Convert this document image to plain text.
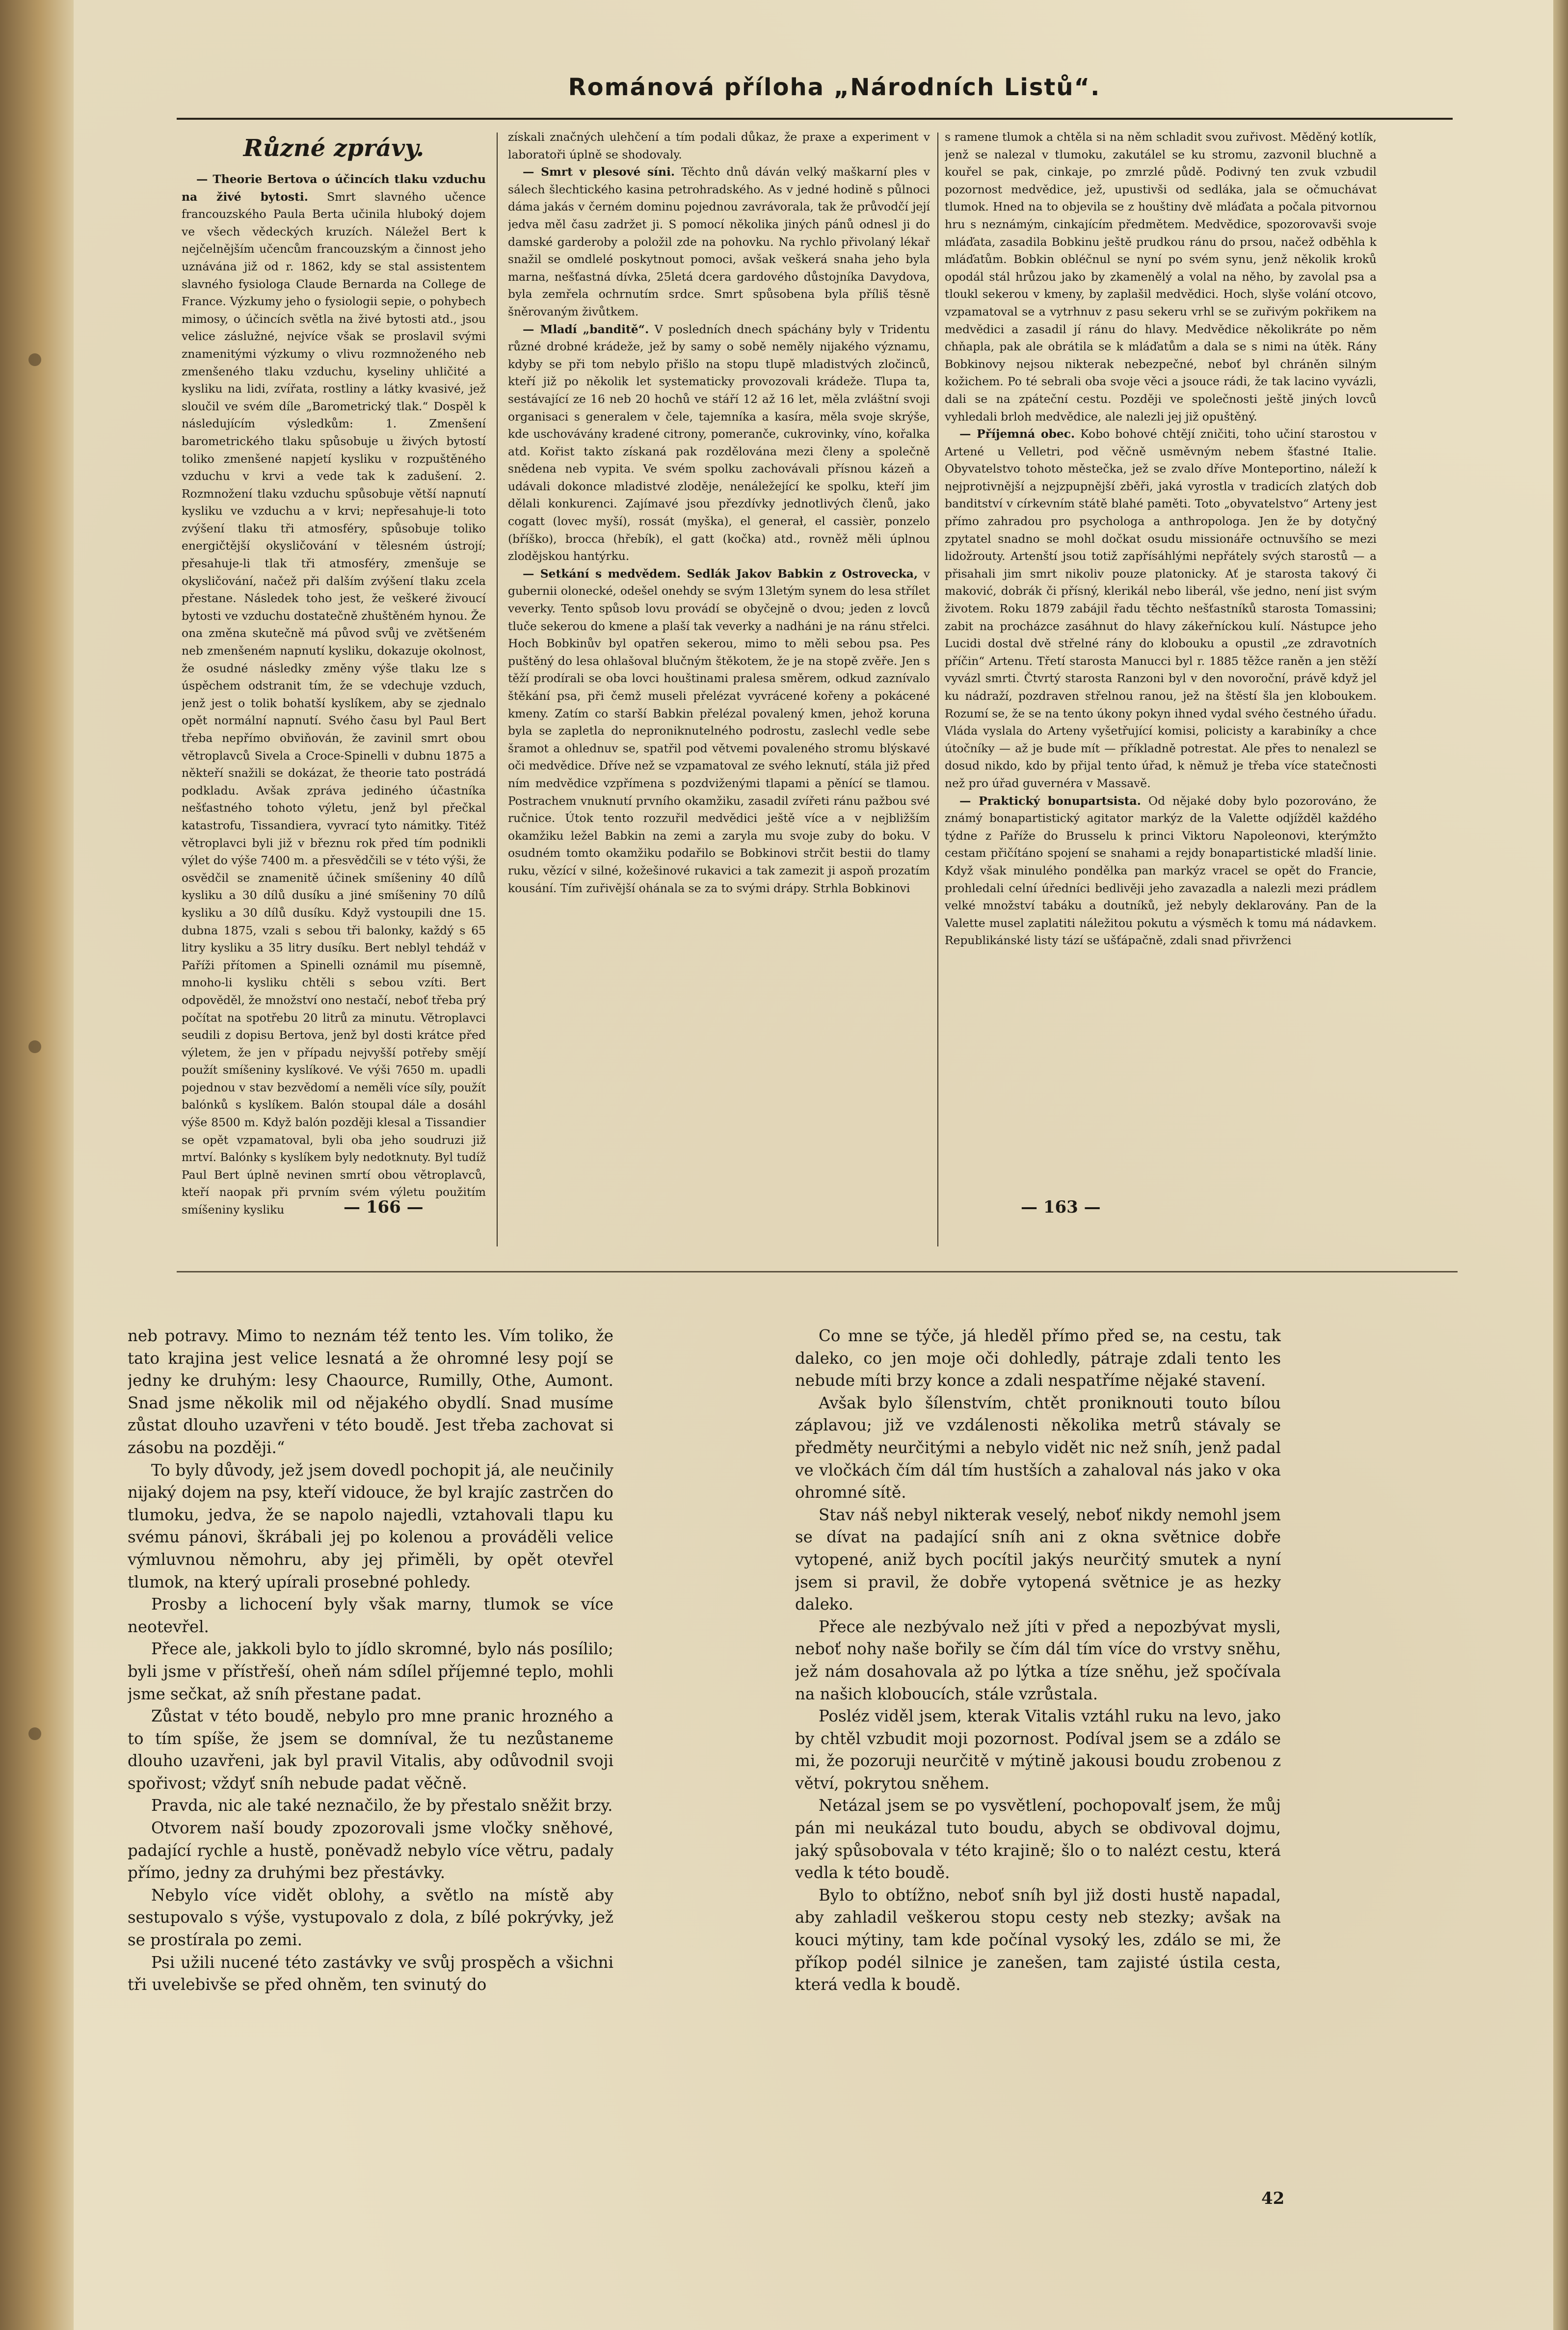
Románová příloha „Národních Listů“.
Různé zprávy.

— Theorie Bertova o účincích tlaku vzduchu na živé bytosti. Smrt slavného učence francouzského Paula Berta učinila hluboký dojem ve všech vědeckých kruzích. Náležel Bert k nejčelnějším učencům francouzským a činnost jeho uznávána již od r. 1862, kdy se stal assistentem slavného fysiologa Claude Bernarda na College de France. Výzkumy jeho o fysiologii sepie, o pohybech mimosy, o účincích světla na živé bytosti atd., jsou velice záslužné, nejvíce však se proslavil svými znamenitými výzkumy o vlivu rozmnoženého neb zmenšeného tlaku vzduchu, kyseliny uhličité a kysliku na lidi, zvířata, rostliny a látky kvasivé, jež sloučil ve svém díle „Barometrický tlak.“ Dospěl k následujícím výsledkům: 1. Zmenšení barometrického tlaku spůsobuje u živých bytostí toliko zmenšené napjetí kysliku v rozpuštěného vzduchu v krvi a vede tak k zadušení. 2. Rozmnožení tlaku vzduchu spůsobuje větší napnutí kysliku ve vzduchu a v krvi; nepřesahuje-li toto zvýšení tlaku tři atmosféry, spůsobuje toliko energičtější okysličování v tělesném ústrojí; přesahuje-li tlak tři atmosféry, zmenšuje se okysličování, načež při dalším zvýšení tlaku zcela přestane. Následek toho jest, že veškeré živoucí bytosti ve vzduchu dostatečně zhuštěném hynou. Že ona změna skutečně má původ svůj ve zvětšeném neb zmenšeném napnutí kysliku, dokazuje okolnost, že osudné následky změny výše tlaku lze s úspěchem odstranit tím, že se vdechuje vzduch, jenž jest o tolik bohatší kyslíkem, aby se zjednalo opět normální napnutí. Svého času byl Paul Bert třeba nepřímo obviňován, že zavinil smrt obou větroplavců Sivela a Croce-Spinelli v dubnu 1875 a někteří snažili se dokázat, že theorie tato postrádá podkladu. Avšak zpráva jediného účastníka nešťastného tohoto výletu, jenž byl přečkal katastrofu, Tissandiera, vyvrací tyto námitky. Titéž větroplavci byli již v březnu rok před tím podnikli výlet do výše 7400 m. a přesvědčili se v této výši, že osvědčil se znamenitě účinek smíšeniny 40 dílů kysliku a 30 dílů dusíku a jiné smíšeniny 70 dílů kysliku a 30 dílů dusíku. Když vystoupili dne 15. dubna 1875, vzali s sebou tři balonky, každý s 65 litry kysliku a 35 litry dusíku. Bert neblyl tehdáž v Paříži přítomen a Spinelli oznámil mu písemně, mnoho-li kysliku chtěli s sebou vzíti. Bert odpověděl, že množství ono nestačí, neboť třeba prý počítat na spotřebu 20 litrů za minutu. Větroplavci seudili z dopisu Bertova, jenž byl dosti krátce před výletem, že jen v případu nejvyšší potřeby smějí použít smíšeniny kyslíkové. Ve výši 7650 m. upadli pojednou v stav bezvědomí a neměli více síly, použít balónků s kyslíkem. Balón stoupal dále a dosáhl výše 8500 m. Když balón později klesal a Tissandier se opět vzpamatoval, byli oba jeho soudruzi již mrtví. Balónky s kyslíkem byly nedotknuty. Byl tudíž Paul Bert úplně nevinen smrtí obou větroplavců, kteří naopak při prvním svém výletu použitím smíšeniny kysliku

získali značných ulehčení a tím podali důkaz, že praxe a experiment v laboratoři úplně se shodovaly.

— Smrt v plesové síni. Těchto dnů dáván velký maškarní ples v sálech šlechtického kasina petrohradského. As v jedné hodině s půlnoci dáma jakás v černém dominu pojednou zavrávorala, tak že průvodčí její jedva měl času zadržet ji. S pomocí několika jiných pánů odnesl ji do damské garderoby a položil zde na pohovku. Na rychlo přivolaný lékař snažil se omdlelé poskytnout pomoci, avšak veškerá snaha jeho byla marna, nešťastná dívka, 25letá dcera gardového důstojníka Davydova, byla zemřela ochrnutím srdce. Smrt spůsobena byla příliš těsně šněrovaným živůtkem.

— Mladí „banditě“. V posledních dnech spáchány byly v Tridentu různé drobné krádeže, jež by samy o sobě neměly nijakého významu, kdyby se při tom nebylo přišlo na stopu tlupě mladistvých zločinců, kteří již po několik let systematicky provozovali krádeže. Tlupa ta, sestávající ze 16 neb 20 hochů ve stáří 12 až 16 let, měla zvláštní svoji organisaci s generalem v čele, tajemníka a kasíra, měla svoje skrýše, kde uschovávány kradené citrony, pomeranče, cukrovinky, víno, kořalka atd. Kořist takto získaná pak rozdělována mezi členy a společně snědena neb vypita. Ve svém spolku zachovávali přísnou kázeň a udávali dokonce mladistvé zloděje, nenáležející ke spolku, kteří jim dělali konkurenci. Zajímavé jsou přezdívky jednotlivých členů, jako cogatt (lovec myší), rossát (myška), el generał, el cassièr, ponzelo (bříško), brocca (hřebík), el gatt (kočka) atd., rovněž měli úplnou zlodějskou hantýrku.

— Setkání s medvědem. Sedlák Jakov Babkin z Ostrovecka, v gubernii olonecké, odešel onehdy se svým 13letým synem do lesa střílet veverky. Tento spůsob lovu provádí se obyčejně o dvou; jeden z lovců tluče sekerou do kmene a plaší tak veverky a nadháni je na ránu střelci. Hoch Bobkinův byl opatřen sekerou, mimo to měli sebou psa. Pes puštěný do lesa ohlašoval blučným štěkotem, že je na stopě zvěře. Jen s těží prodírali se oba lovci houštinami pralesa směrem, odkud zaznívalo štěkání psa, při čemž museli přelézat vyvrácené kořeny a pokácené kmeny. Zatím co starší Babkin přelézal povalený kmen, jehož koruna byla se zapletla do neproniknutelného podrostu, zaslechl vedle sebe šramot a ohlednuv se, spatřil pod větvemi povaleného stromu blýskavé oči medvědice. Dříve než se vzpamatoval ze svého leknutí, stála již před ním medvědice vzpřímena s pozdviženými tlapami a pěnící se tlamou. Postrachem vnuknutí prvního okamžiku, zasadil zvířeti ránu pažbou své ručnice. Útok tento rozzuřil medvědici ještě více a v nejbližším okamžiku ležel Babkin na zemi a zaryla mu svoje zuby do boku. V osudném tomto okamžiku podařilo se Bobkinovi strčit bestii do tlamy ruku, vězící v silné, kožešinové rukavici a tak zamezit ji aspoň prozatím kousání. Tím zuřivější ohánala se za to svými drápy. Strhla Bobkinovi

s ramene tlumok a chtěla si na něm schladit svou zuřivost. Měděný kotlík, jenž se nalezal v tlumoku, zakutálel se ku stromu, zazvonil bluchně a kouřel se pak, cinkaje, po zmrzlé půdě. Podivný ten zvuk vzbudil pozornost medvědice, jež, upustivši od sedláka, jala se očmuchávat tlumok. Hned na to objevila se z houštiny dvě mláďata a počala pitvornou hru s neznámým, cinkajícím předmětem. Medvědice, spozorovavši svoje mláďata, zasadila Bobkinu ještě prudkou ránu do prsou, načež odběhla k mláďatům. Bobkin obléčnul se nyní po svém synu, jenž několik kroků opodál stál hrůzou jako by zkamenělý a volal na něho, by zavolal psa a tloukl sekerou v kmeny, by zaplašil medvědici. Hoch, slyše volání otcovo, vzpamatoval se a vytrhnuv z pasu sekeru vrhl se se zuřivým pokřikem na medvědici a zasadil jí ránu do hlavy. Medvědice několikráte po něm chňapla, pak ale obrátila se k mláďatům a dala se s nimi na útěk. Rány Bobkinovy nejsou nikterak nebezpečné, neboť byl chráněn silným kožichem. Po té sebrali oba svoje věci a jsouce rádi, že tak lacino vyvázli, dali se na zpáteční cestu. Později ve společnosti ještě jiných lovců vyhledali brloh medvědice, ale nalezli jej již opuštěný.

— Příjemná obec. Kobo bohové chtějí zničiti, toho učiní starostou v Artené u Velletri, pod věčně usměvným nebem šťastné Italie. Obyvatelstvo tohoto městečka, jež se zvalo dříve Monteportino, náleží k nejprotivnější a nejzpupnější zběři, jaká vyrostla v tradicích zlatých dob banditství v církevním státě blahé paměti. Toto „obyvatelstvo“ Arteny jest přímo zahradou pro psychologa a anthropologa. Jen že by dotyčný zpytatel snadno se mohl dočkat osudu missionáře octnuvšího se mezi lidožrouty. Artenští jsou totiž zapřísáhlými nepřátely svých starostů — a přisahali jim smrt nikoliv pouze platonicky. Ať je starosta takový či maković, dobrák či přísný, klerikál nebo liberál, vše jedno, není jist svým životem. Roku 1879 zabájil řadu těchto nešťastníků starosta Tomassini; zabit na procházce zasáhnut do hlavy zákeřníckou kulí. Nástupce jeho Lucidi dostal dvě střelné rány do klobouku a opustil „ze zdravotních příčin“ Artenu. Třetí starosta Manucci byl r. 1885 těžce raněn a jen stěží vyvázl smrti. Čtvrtý starosta Ranzoni byl v den novoroční, právě když jel ku nádraží, pozdraven střelnou ranou, jež na štěstí šla jen kloboukem. Rozumí se, že se na tento úkony pokyn ihned vydal svého čestného úřadu. Vláda vyslala do Arteny vyšetřující komisi, policisty a karabiníky a chce útočníky — až je bude mít — příkladně potrestat. Ale přes to nenalezl se dosud nikdo, kdo by přijal tento úřad, k němuž je třeba více statečnosti než pro úřad guvernéra v Massavě.

— Praktický bonupartsista. Od nějaké doby bylo pozorováno, že známý bonapartistický agitator markýz de la Valette odjížděl každého týdne z Paříže do Brusselu k princi Viktoru Napoleonovi, kterýmžto cestam přičítáno spojení se snahami a rejdy bonapartistické mladší linie. Když však minulého pondělka pan markýz vracel se opět do Francie, prohledali celní úředníci bedlivěji jeho zavazadla a nalezli mezi prádlem velké množství tabáku a doutníků, jež nebyly deklarovány. Pan de la Valette musel zaplatiti náležitou pokutu a výsměch k tomu má nádavkem. Republikánské listy tází se ušťápačně, zdali snad přivrženci

— 166 —	— 163 —

neb potravy. Mimo to neznám též tento les. Vím toliko, že tato krajina jest velice lesnatá a že ohromné lesy pojí se jedny ke druhým: lesy Chaource, Rumilly, Othe, Aumont. Snad jsme několik mil od nějakého obydlí. Snad musíme zůstat dlouho uzavřeni v této boudě. Jest třeba zachovat si zásobu na později.“

To byly důvody, jež jsem dovedl pochopit já, ale neučinily nijaký dojem na psy, kteří vidouce, že byl krajíc zastrčen do tlumoku, jedva, že se napolo najedli, vztahovali tlapu ku svému pánovi, škrábali jej po kolenou a prováděli velice výmluvnou němohru, aby jej přiměli, by opět otevřel tlumok, na který upírali prosebné pohledy.

Prosby a lichocení byly však marny, tlumok se více neotevřel.

Přece ale, jakkoli bylo to jídlo skromné, bylo nás posílilo; byli jsme v přístřeší, oheň nám sdílel příjemné teplo, mohli jsme sečkat, až sníh přestane padat.

Zůstat v této boudě, nebylo pro mne pranic hrozného a to tím spíše, že jsem se domníval, že tu nezůstaneme dlouho uzavřeni, jak byl pravil Vitalis, aby odůvodnil svoji spořivost; vždyť sníh nebude padat věčně.

Pravda, nic ale také neznačilo, že by přestalo sněžit brzy.

Otvorem naší boudy zpozorovali jsme vločky sněhové, padající rychle a hustě, poněvadž nebylo více větru, padaly přímo, jedny za druhými bez přestávky.

Nebylo více vidět oblohy, a světlo na místě aby sestupovalo s výše, vystupovalo z dola, z bílé pokrývky, jež se prostírala po zemi.

Psi užili nucené této zastávky ve svůj prospěch a všichni tři uvelebivše se před ohněm, ten svinutý do

Co mne se týče, já hleděl přímo před se, na cestu, tak daleko, co jen moje oči dohledly, pátraje zdali tento les nebude míti brzy konce a zdali nespatříme nějaké stavení.

Avšak bylo šílenstvím, chtět proniknouti touto bílou záplavou; již ve vzdálenosti několika metrů stávaly se předměty neurčitými a nebylo vidět nic než sníh, jenž padal ve vločkách čím dál tím hustších a zahaloval nás jako v oka ohromné sítě.

Stav náš nebyl nikterak veselý, neboť nikdy nemohl jsem se dívat na padající sníh ani z okna světnice dobře vytopené, aniž bych pocítil jakýs neurčitý smutek a nyní jsem si pravil, že dobře vytopená světnice je as hezky daleko.

Přece ale nezbývalo než jíti v před a nepozbývat mysli, neboť nohy naše bořily se čím dál tím více do vrstvy sněhu, jež nám dosahovala až po lýtka a tíze sněhu, jež spočívala na našich kloboucích, stále vzrůstala.

Posléz viděl jsem, kterak Vitalis vztáhl ruku na levo, jako by chtěl vzbudit moji pozornost. Podíval jsem se a zdálo se mi, že pozoruji neurčitě v mýtině jakousi boudu zrobenou z větví, pokrytou sněhem.

Netázal jsem se po vysvětlení, pochopovalť jsem, že můj pán mi neukázal tuto boudu, abych se obdivoval dojmu, jaký spůsobovala v této krajině; šlo o to nalézt cestu, která vedla k této boudě.

Bylo to obtížno, neboť sníh byl již dosti hustě napadal, aby zahladil veškerou stopu cesty neb stezky; avšak na kouci mýtiny, tam kde počínal vysoký les, zdálo se mi, že příkop podél silnice je zanešen, tam zajisté ústila cesta, která vedla k boudě.

42
